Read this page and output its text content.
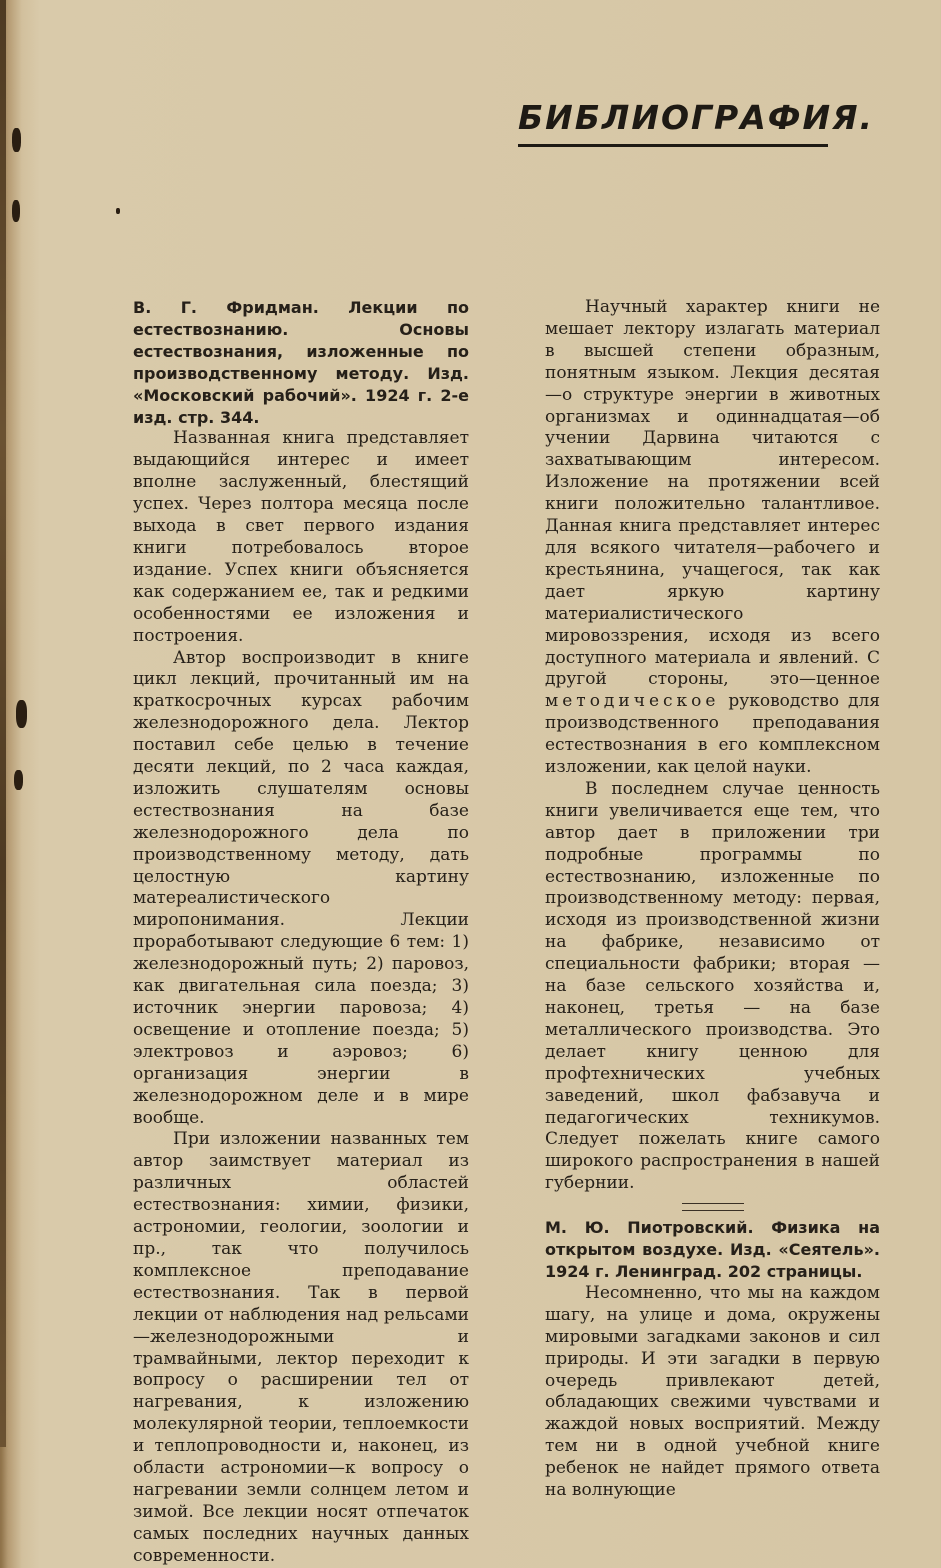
БИБЛИОГРАФИЯ.

В. Г. Фридман. Лекции по естествознанию. Основы естествознания, изложенные по производственному методу. Изд. «Московский рабочий». 1924 г. 2-е изд. стр. 344.

Названная книга представляет выдающийся интерес и имеет вполне заслуженный, блестящий успех. Через полтора месяца после выхода в свет первого издания книги потребовалось второе издание. Успех книги объясняется как содержанием ее, так и редкими особенностями ее изложения и построения.

Автор воспроизводит в книге цикл лекций, прочитанный им на краткосрочных курсах рабочим железнодорожного дела. Лектор поставил себе целью в течение десяти лекций, по 2 часа каждая, изложить слушателям основы естествознания на базе железнодорожного дела по производственному методу, дать целостную картину матереалистического миропонимания. Лекции проработывают следующие 6 тем: 1) железнодорожный путь; 2) паровоз, как двигательная сила поезда; 3) источник энергии паровоза; 4) освещение и отопление поезда; 5) электровоз и аэровоз; 6) организация энергии в железнодорожном деле и в мире вообще.

При изложении названных тем автор заимствует материал из различных областей естествознания: химии, физики, астрономии, геологии, зоологии и пр., так что получилось комплексное преподавание естествознания. Так в первой лекции от наблюдения над рельсами—железнодорожными и трамвайными, лектор переходит к вопросу о расширении тел от нагревания, к изложению молекулярной теории, теплоемкости и теплопроводности и, наконец, из области астрономии—к вопросу о нагревании земли солнцем летом и зимой. Все лекции носят отпечаток самых последних научных данных современности.

Научный характер книги не мешает лектору излагать материал в высшей степени образным, понятным языком. Лекция десятая—о структуре энергии в животных организмах и одиннадцатая—об учении Дарвина читаются с захватывающим интересом. Изложение на протяжении всей книги положительно талантливое. Данная книга представляет интерес для всякого читателя—рабочего и крестьянина, учащегося, так как дает яркую картину материалистического мировоззрения, исходя из всего доступного материала и явлений. С другой стороны, это—ценное методическое руководство для производственного преподавания естествознания в его комплексном изложении, как целой науки.

В последнем случае ценность книги увеличивается еще тем, что автор дает в приложении три подробные программы по естествознанию, изложенные по производственному методу: первая, исходя из производственной жизни на фабрике, независимо от специальности фабрики; вторая — на базе сельского хозяйства и, наконец, третья — на базе металлического производства. Это делает книгу ценною для профтехнических учебных заведений, школ фабзавуча и педагогических техникумов. Следует пожелать книге самого широкого распространения в нашей губернии.

М. Ю. Пиотровский. Физика на открытом воздухе. Изд. «Сеятель». 1924 г. Ленинград. 202 страницы.

Несомненно, что мы на каждом шагу, на улице и дома, окружены мировыми загадками законов и сил природы. И эти загадки в первую очередь привлекают детей, обладающих свежими чувствами и жаждой новых восприятий. Между тем ни в одной учебной книге ребенок не найдет прямого ответа на волнующие
